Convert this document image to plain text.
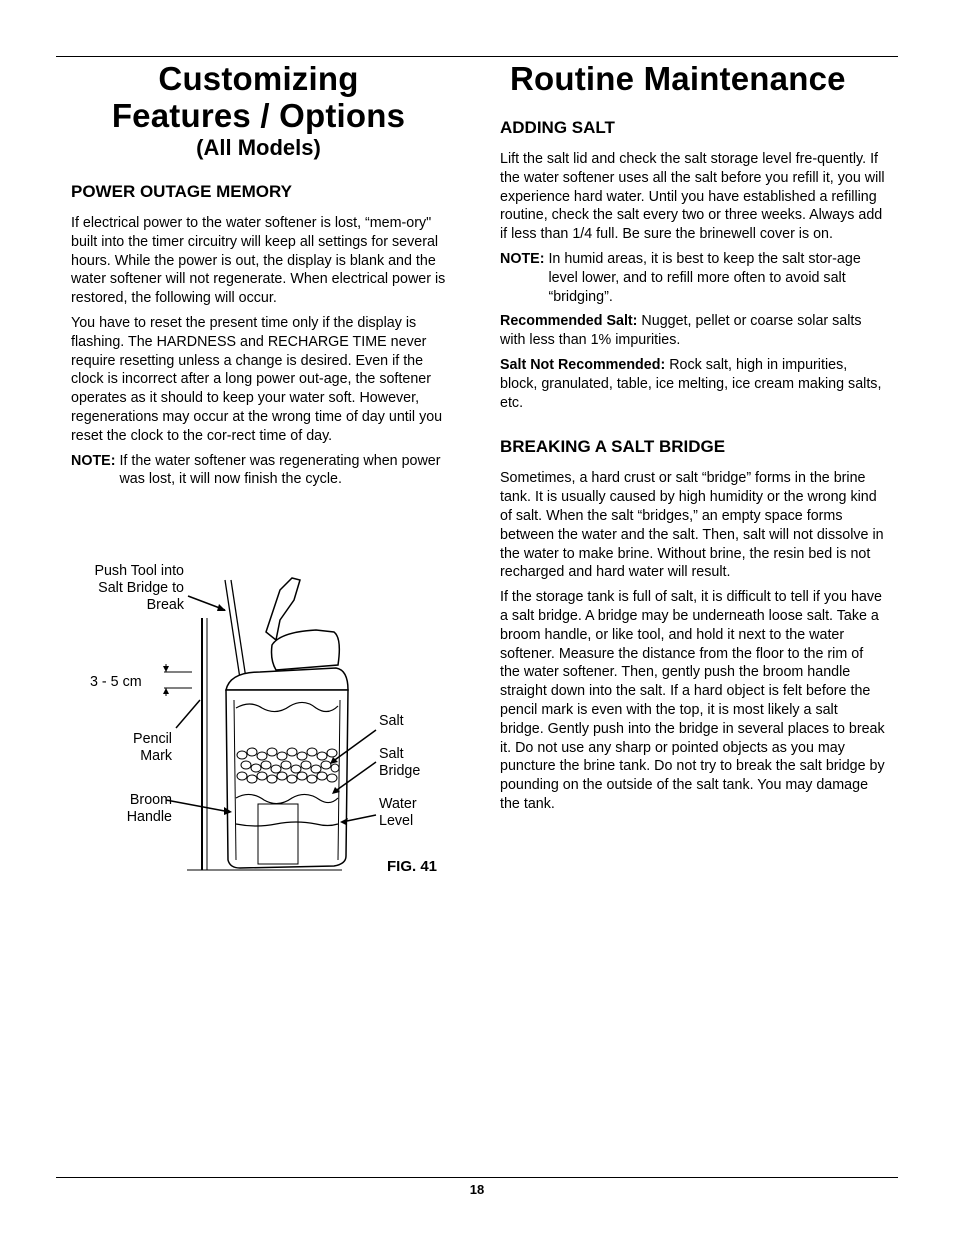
Customizing
Features / Options
(All Models)
POWER OUTAGE MEMORY

If electrical power to the water softener is lost, “mem-ory" built into the timer circuitry will keep all settings for several hours. While the power is out, the display is blank and the water softener will not regenerate. When electrical power is restored, the following will occur.

You have to reset the present time only if the display is flashing. The HARDNESS and RECHARGE TIME never require resetting unless a change is desired. Even if the clock is incorrect after a long power out-age, the softener operates as it should to keep your water soft. However, regenerations may occur at the wrong time of day until you reset the clock to the cor-rect time of day.

NOTE: If the water softener was regenerating when power was lost, it will now finish the cycle.
Push Tool into
Salt Bridge to
Break
3 - 5 cm
Pencil
Mark
Broom
Handle
Salt
Salt
Bridge
Water
Level
FIG. 41
Routine Maintenance
ADDING SALT

Lift the salt lid and check the salt storage level fre-quently. If the water softener uses all the salt before you refill it, you will experience hard water. Until you have established a refilling routine, check the salt every two or three weeks. Always add if less than 1/4 full. Be sure the brinewell cover is on.

NOTE: In humid areas, it is best to keep the salt stor-age level lower, and to refill more often to avoid salt “bridging”.

Recommended Salt: Nugget, pellet or coarse solar salts with less than 1% impurities.

Salt Not Recommended: Rock salt, high in impurities, block, granulated, table, ice melting, ice cream making salts, etc.

BREAKING A SALT BRIDGE

Sometimes, a hard crust or salt “bridge” forms in the brine tank. It is usually caused by high humidity or the wrong kind of salt. When the salt “bridges,” an empty space forms between the water and the salt. Then, salt will not dissolve in the water to make brine. Without brine, the resin bed is not recharged and hard water will result.

If the storage tank is full of salt, it is difficult to tell if you have a salt bridge. A bridge may be underneath loose salt. Take a broom handle, or like tool, and hold it next to the water softener. Measure the distance from the floor to the rim of the water softener. Then, gently push the broom handle straight down into the salt. If a hard object is felt before the pencil mark is even with the top, it is most likely a salt bridge. Gently push into the bridge in several places to break it. Do not use any sharp or pointed objects as you may puncture the brine tank. Do not try to break the salt bridge by pounding on the outside of the salt tank. You may damage the tank.

18
